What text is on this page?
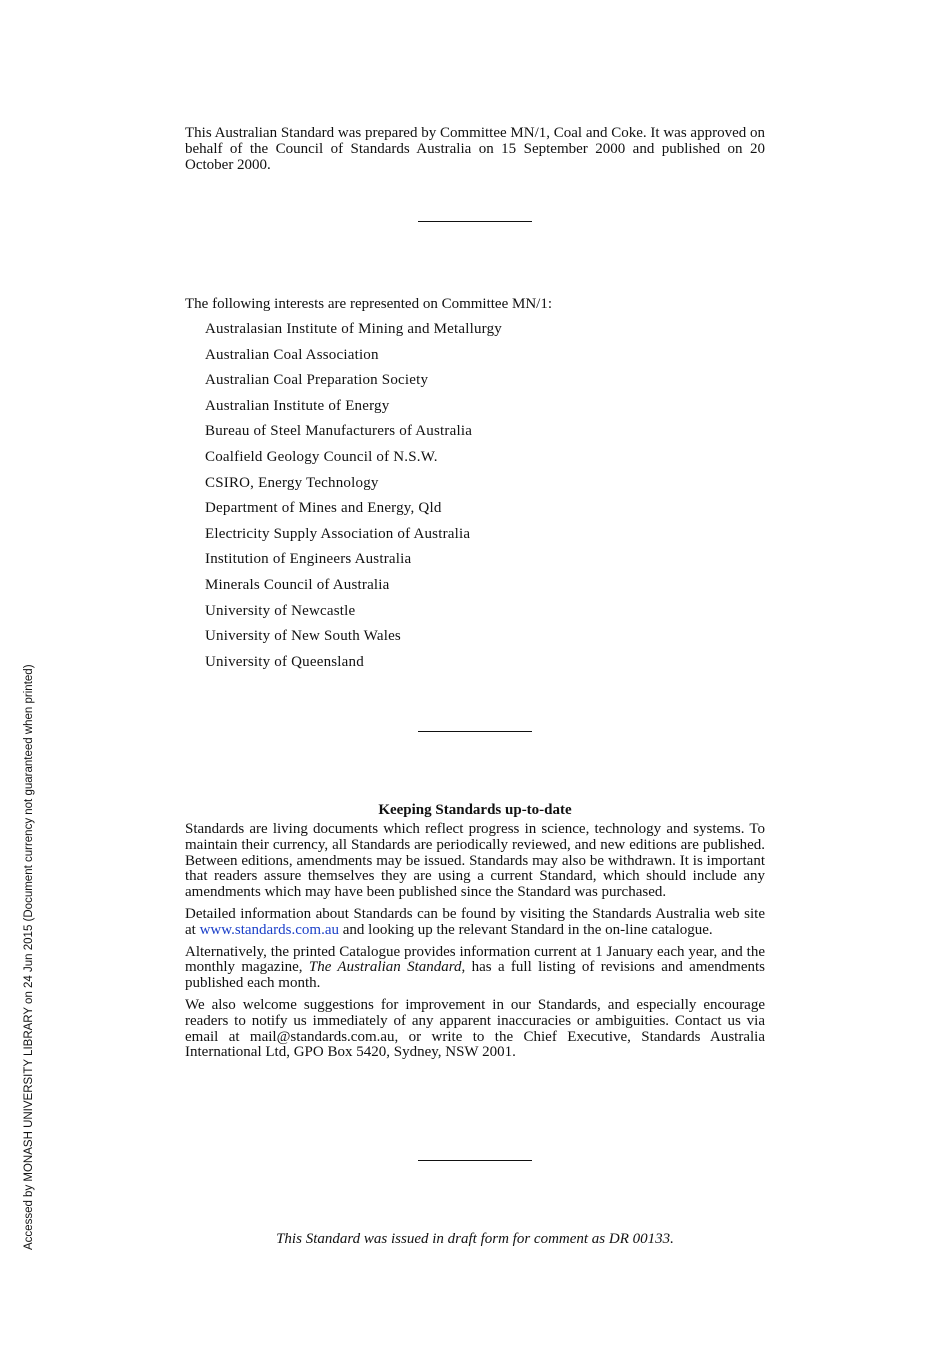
Accessed by MONASH UNIVERSITY LIBRARY on 24 Jun 2015 (Document currency not guaranteed when printed)

This Australian Standard was prepared by Committee MN/1, Coal and Coke. It was approved on behalf of the Council of Standards Australia on 15 September 2000 and published on 20 October 2000.

The following interests are represented on Committee MN/1:

Australasian Institute of Mining and Metallurgy
Australian Coal Association
Australian Coal Preparation Society
Australian Institute of Energy
Bureau of Steel Manufacturers of Australia
Coalfield Geology Council of N.S.W.
CSIRO, Energy Technology
Department of Mines and Energy, Qld
Electricity Supply Association of Australia
Institution of Engineers Australia
Minerals Council of Australia
University of Newcastle
University of New South Wales
University of Queensland
Keeping Standards up-to-date

Standards are living documents which reflect progress in science, technology and systems. To maintain their currency, all Standards are periodically reviewed, and new editions are published. Between editions, amendments may be issued. Standards may also be withdrawn. It is important that readers assure themselves they are using a current Standard, which should include any amendments which may have been published since the Standard was purchased.

Detailed information about Standards can be found by visiting the Standards Australia web site at www.standards.com.au and looking up the relevant Standard in the on-line catalogue.

Alternatively, the printed Catalogue provides information current at 1 January each year, and the monthly magazine, The Australian Standard, has a full listing of revisions and amendments published each month.

We also welcome suggestions for improvement in our Standards, and especially encourage readers to notify us immediately of any apparent inaccuracies or ambiguities. Contact us via email at mail@standards.com.au, or write to the Chief Executive, Standards Australia International Ltd, GPO Box 5420, Sydney, NSW 2001.

This Standard was issued in draft form for comment as DR 00133.
